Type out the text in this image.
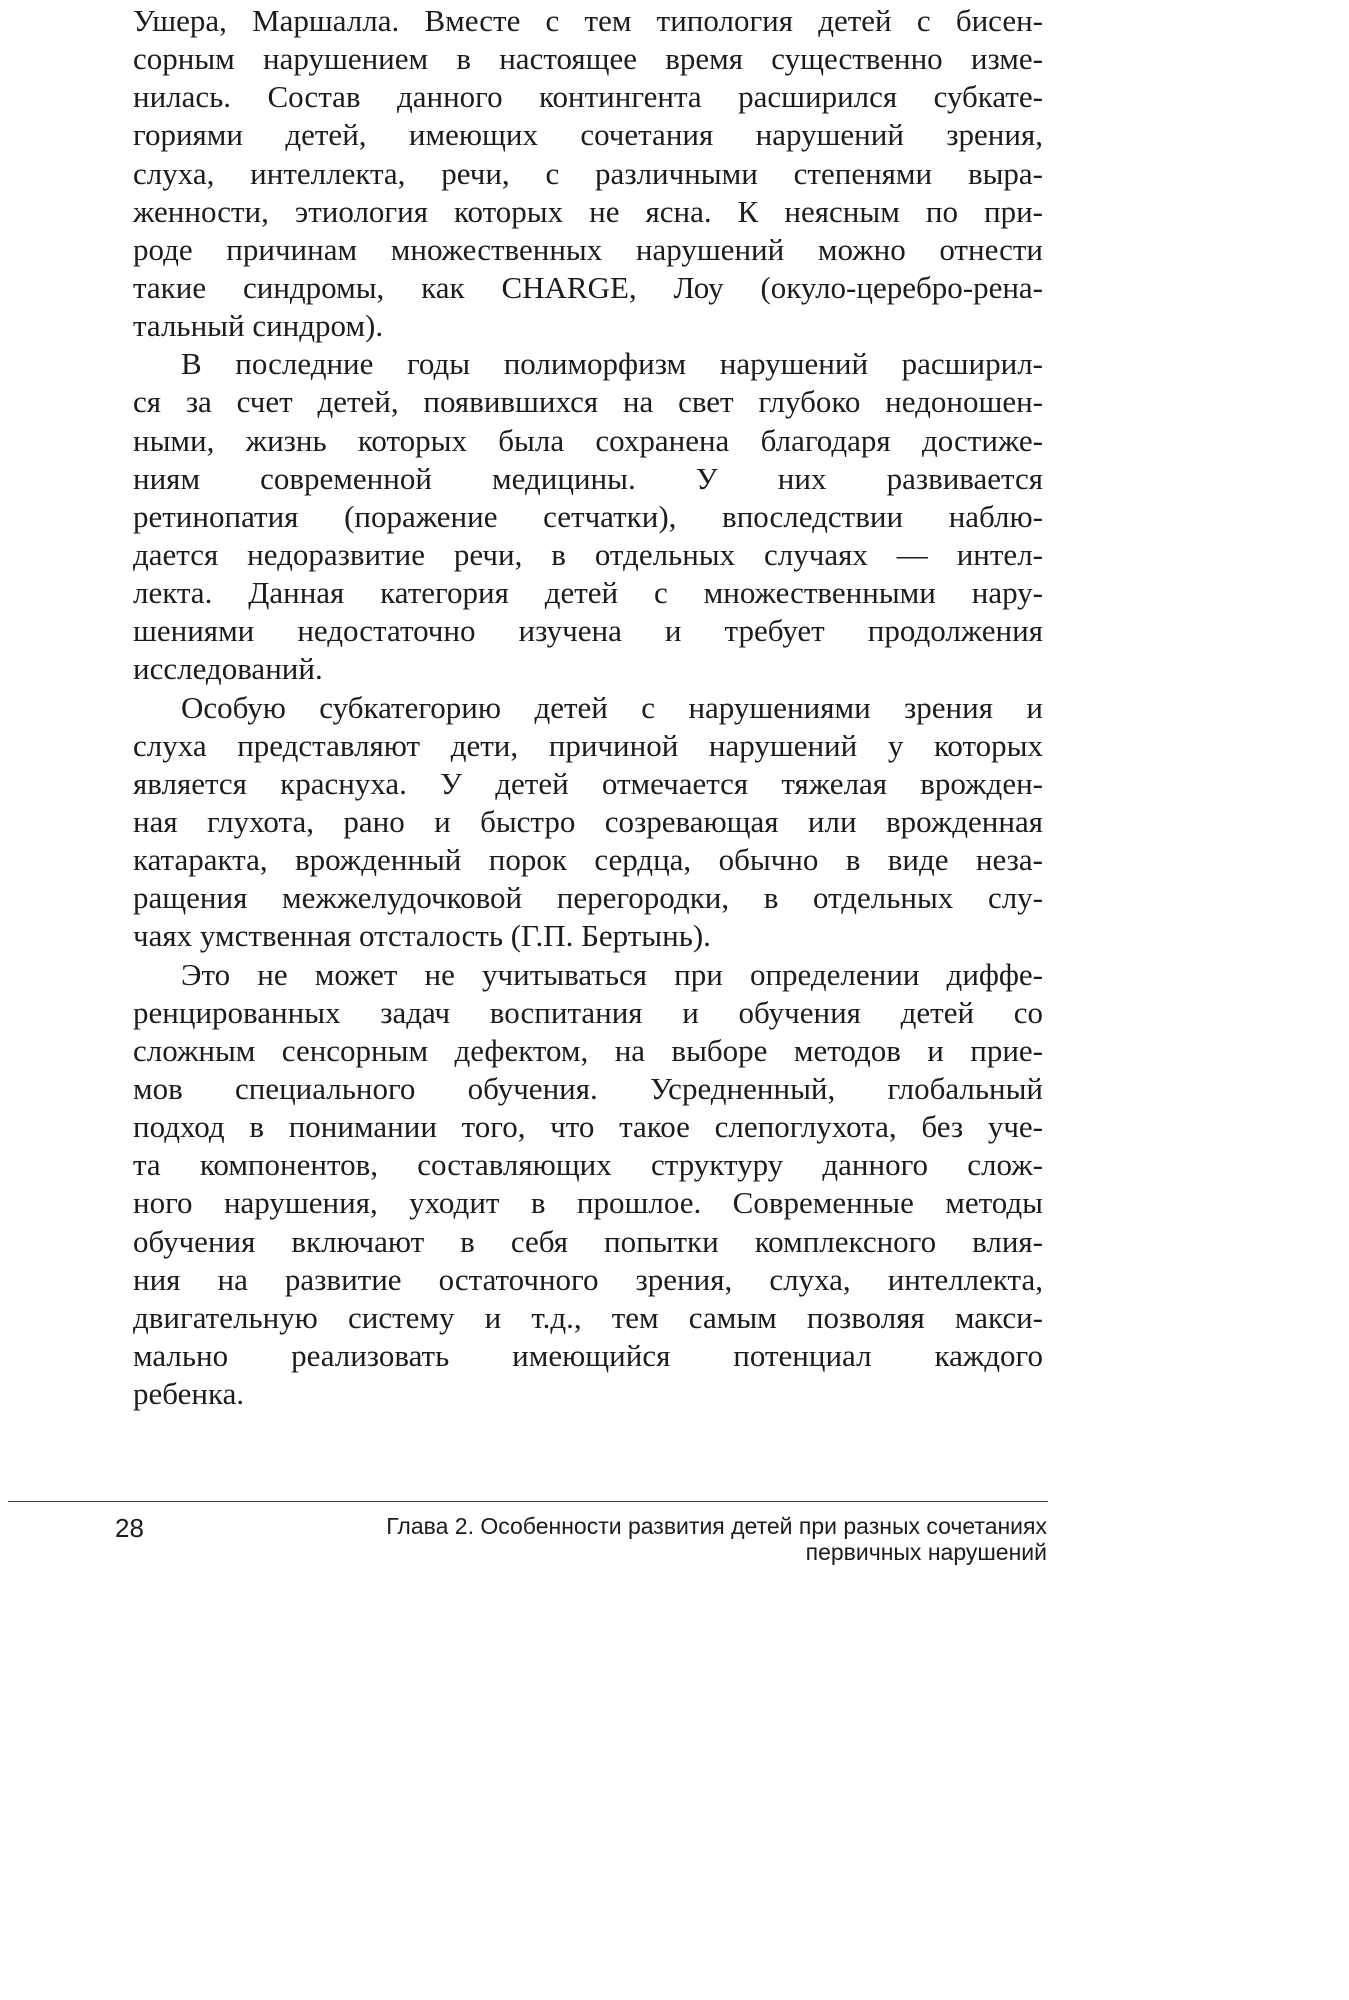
Ушера, Маршалла. Вместе с тем типология детей с бисен-
сорным нарушением в настоящее время существенно изме-
нилась. Состав данного контингента расширился субкате-
гориями детей, имеющих сочетания нарушений зрения,
слуха, интеллекта, речи, с различными степенями выра-
женности, этиология которых не ясна. К неясным по при-
роде причинам множественных нарушений можно отнести
такие синдромы, как CHARGE, Лоу (окуло-церебро-рена-
тальный синдром).
В последние годы полиморфизм нарушений расширил-
ся за счет детей, появившихся на свет глубоко недоношен-
ными, жизнь которых была сохранена благодаря достиже-
ниям современной медицины. У них развивается
ретинопатия (поражение сетчатки), впоследствии наблю-
дается недоразвитие речи, в отдельных случаях — интел-
лекта. Данная категория детей с множественными нару-
шениями недостаточно изучена и требует продолжения
исследований.
Особую субкатегорию детей с нарушениями зрения и
слуха представляют дети, причиной нарушений у которых
является краснуха. У детей отмечается тяжелая врожден-
ная глухота, рано и быстро созревающая или врожденная
катаракта, врожденный порок сердца, обычно в виде неза-
ращения межжелудочковой перегородки, в отдельных слу-
чаях умственная отсталость (Г.П. Бертынь).
Это не может не учитываться при определении диффе-
ренцированных задач воспитания и обучения детей со
сложным сенсорным дефектом, на выборе методов и прие-
мов специального обучения. Усредненный, глобальный
подход в понимании того, что такое слепоглухота, без уче-
та компонентов, составляющих структуру данного слож-
ного нарушения, уходит в прошлое. Современные методы
обучения включают в себя попытки комплексного влия-
ния на развитие остаточного зрения, слуха, интеллекта,
двигательную систему и т.д., тем самым позволяя макси-
мально реализовать имеющийся потенциал каждого
ребенка.
28	Глава 2. Особенности развития детей при разных сочетаниях
первичных нарушений
